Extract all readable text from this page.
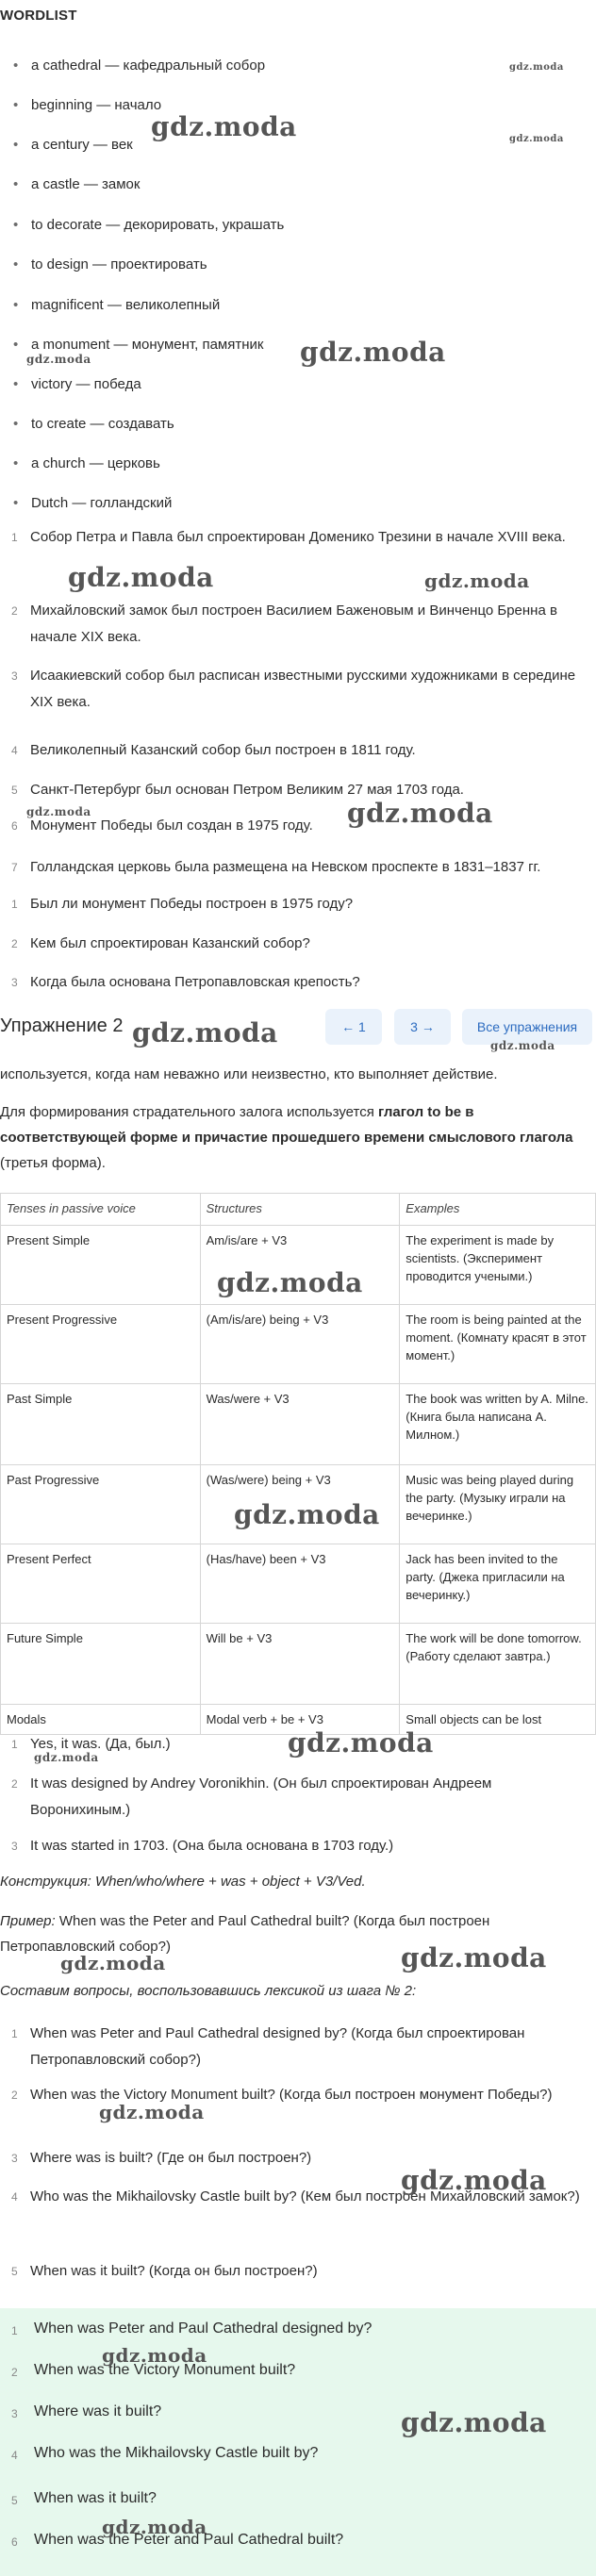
WORDLIST
• a cathedral — кафедральный собор
• beginning — начало
• a century — век
• a castle — замок
• to decorate — декорировать, украшать
• to design — проектировать
• magnificent — великолепный
• a monument — монумент, памятник
• victory — победа
• to create — создавать
• a church — церковь
• Dutch — голландский
1 Собор Петра и Павла был спроектирован Доменико Трезини в начале XVIII века.
2 Михайловский замок был построен Василием Баженовым и Винченцо Бренна в начале XIX века.
3 Исаакиевский собор был расписан известными русскими художниками в середине XIX века.
4 Великолепный Казанский собор был построен в 1811 году.
5 Санкт-Петербург был основан Петром Великим 27 мая 1703 года.
6 Монумент Победы был создан в 1975 году.
7 Голландская церковь была размещена на Невском проспекте в 1831–1837 гг.
1 Был ли монумент Победы построен в 1975 году?
2 Кем был спроектирован Казанский собор?
3 Когда была основана Петропавловская крепость?
Упражнение 2	← 1	3 →	Все упражнения
используется, когда нам неважно или неизвестно, кто выполняет действие.
Для формирования страдательного залога используется глагол to be в соответствующей форме и причастие прошедшего времени смыслового глагола (третья форма).
Tenses in passive voice	Structures	Examples
Present Simple	Am/is/are + V3	The experiment is made by scientists. (Эксперимент проводится учеными.)
Present Progressive	(Am/is/are) being + V3	The room is being painted at the moment. (Комнату красят в этот момент.)
Past Simple	Was/were + V3	The book was written by A. Milne. (Книга была написана А. Милном.)
Past Progressive	(Was/were) being + V3	Music was being played during the party. (Музыку играли на вечеринке.)
Present Perfect	(Has/have) been + V3	Jack has been invited to the party. (Джека пригласили на вечеринку.)
Future Simple	Will be + V3	The work will be done tomorrow. (Работу сделают завтра.)
Modals	Modal verb + be + V3	Small objects can be lost
1 Yes, it was. (Да, был.)
2 It was designed by Andrey Voronikhin. (Он был спроектирован Андреем Воронихиным.)
3 It was started in 1703. (Она была основана в 1703 году.)
Конструкция: When/who/where + was + object + V3/Ved.
Пример: When was the Peter and Paul Cathedral built? (Когда был построен Петропавловский собор?)
Составим вопросы, воспользовавшись лексикой из шага № 2:
1 When was Peter and Paul Cathedral designed by? (Когда был спроектирован Петропавловский собор?)
2 When was the Victory Monument built? (Когда был построен монумент Победы?)
3 Where was is built? (Где он был построен?)
4 Who was the Mikhailovsky Castle built by? (Кем был построен Михайловский замок?)
5 When was it built? (Когда он был построен?)
1 When was Peter and Paul Cathedral designed by?
2 When was the Victory Monument built?
3 Where was it built?
4 Who was the Mikhailovsky Castle built by?
5 When was it built?
6 When was the Peter and Paul Cathedral built?
gdz.moda
gdz.moda	gdz.moda
gdz.moda
gdz.moda
gdz.moda	gdz.moda
gdz.moda	gdz.moda
gdz.moda	gdz.moda
gdz.moda
gdz.moda
gdz.moda
gdz.moda
gdz.moda	gdz.moda
gdz.moda
gdz.moda
gdz.moda
gdz.moda
gdz.moda
